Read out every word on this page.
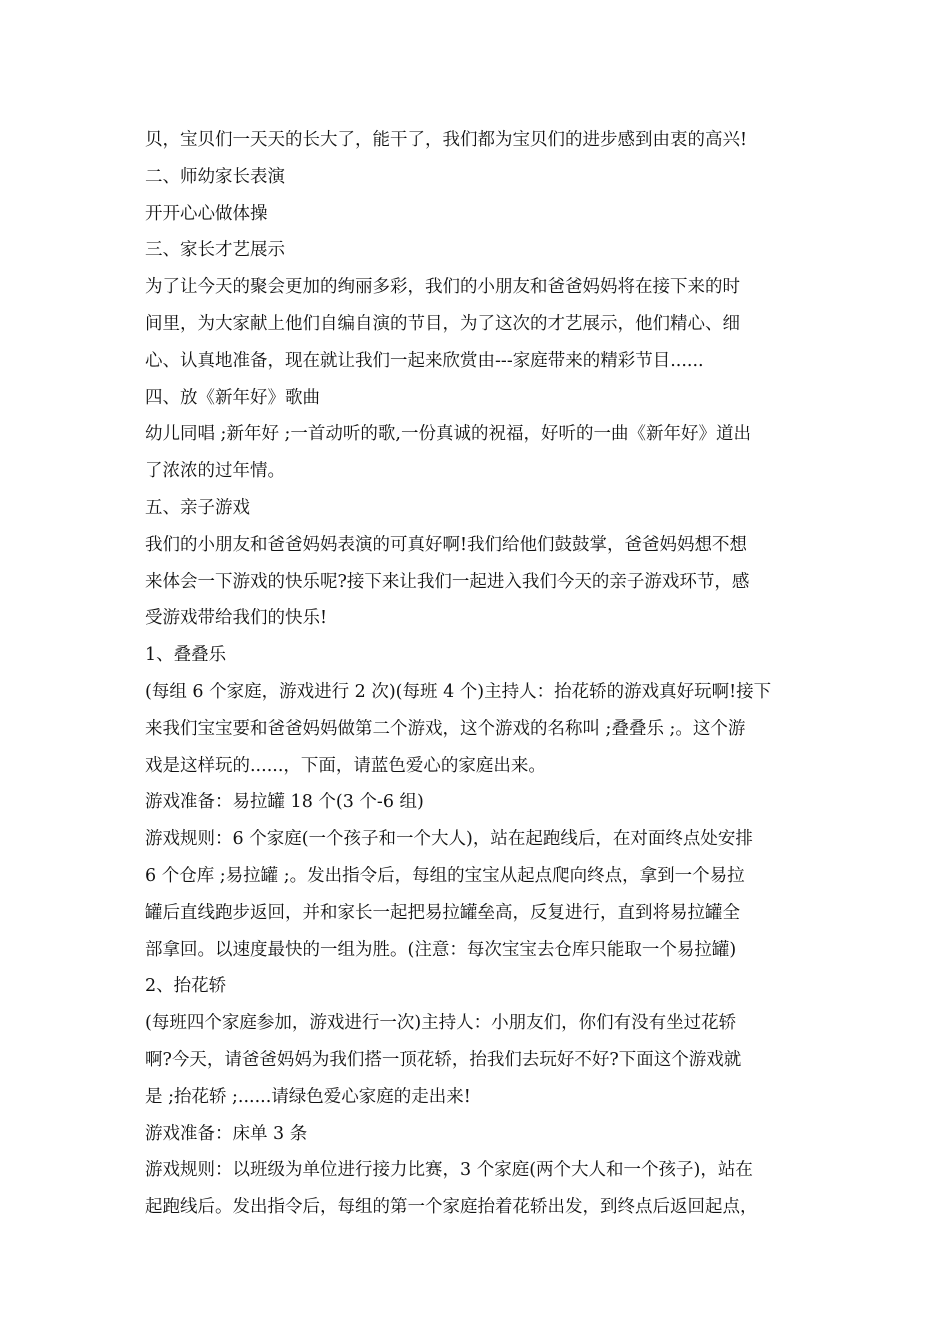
贝，宝贝们一天天的长大了，能干了，我们都为宝贝们的进步感到由衷的高兴!
二、师幼家长表演
开开心心做体操
三、家长才艺展示
为了让今天的聚会更加的绚丽多彩，我们的小朋友和爸爸妈妈将在接下来的时
间里，为大家献上他们自编自演的节目，为了这次的才艺展示，他们精心、细
心、认真地准备，现在就让我们一起来欣赏由---家庭带来的精彩节目......
四、放《新年好》歌曲
幼儿同唱 ;新年好 ;一首动听的歌,一份真诚的祝福，好听的一曲《新年好》道出
了浓浓的过年情。
五、亲子游戏
我们的小朋友和爸爸妈妈表演的可真好啊!我们给他们鼓鼓掌，爸爸妈妈想不想
来体会一下游戏的快乐呢?接下来让我们一起进入我们今天的亲子游戏环节，感
受游戏带给我们的快乐!
1、叠叠乐
(每组 6 个家庭，游戏进行 2 次)(每班 4 个)主持人：抬花轿的游戏真好玩啊!接下
来我们宝宝要和爸爸妈妈做第二个游戏，这个游戏的名称叫 ;叠叠乐 ;。这个游
戏是这样玩的......，下面，请蓝色爱心的家庭出来。
游戏准备：易拉罐 18 个(3 个-6 组)
游戏规则：6 个家庭(一个孩子和一个大人)，站在起跑线后，在对面终点处安排
6 个仓库 ;易拉罐 ;。发出指令后，每组的宝宝从起点爬向终点，拿到一个易拉
罐后直线跑步返回，并和家长一起把易拉罐垒高，反复进行，直到将易拉罐全
部拿回。以速度最快的一组为胜。(注意：每次宝宝去仓库只能取一个易拉罐)
2、抬花轿
(每班四个家庭参加，游戏进行一次)主持人：小朋友们，你们有没有坐过花轿
啊?今天，请爸爸妈妈为我们搭一顶花轿，抬我们去玩好不好?下面这个游戏就
是 ;抬花轿 ;......请绿色爱心家庭的走出来!
游戏准备：床单 3 条
游戏规则：以班级为单位进行接力比赛，3 个家庭(两个大人和一个孩子)，站在
起跑线后。发出指令后，每组的第一个家庭抬着花轿出发，到终点后返回起点，
